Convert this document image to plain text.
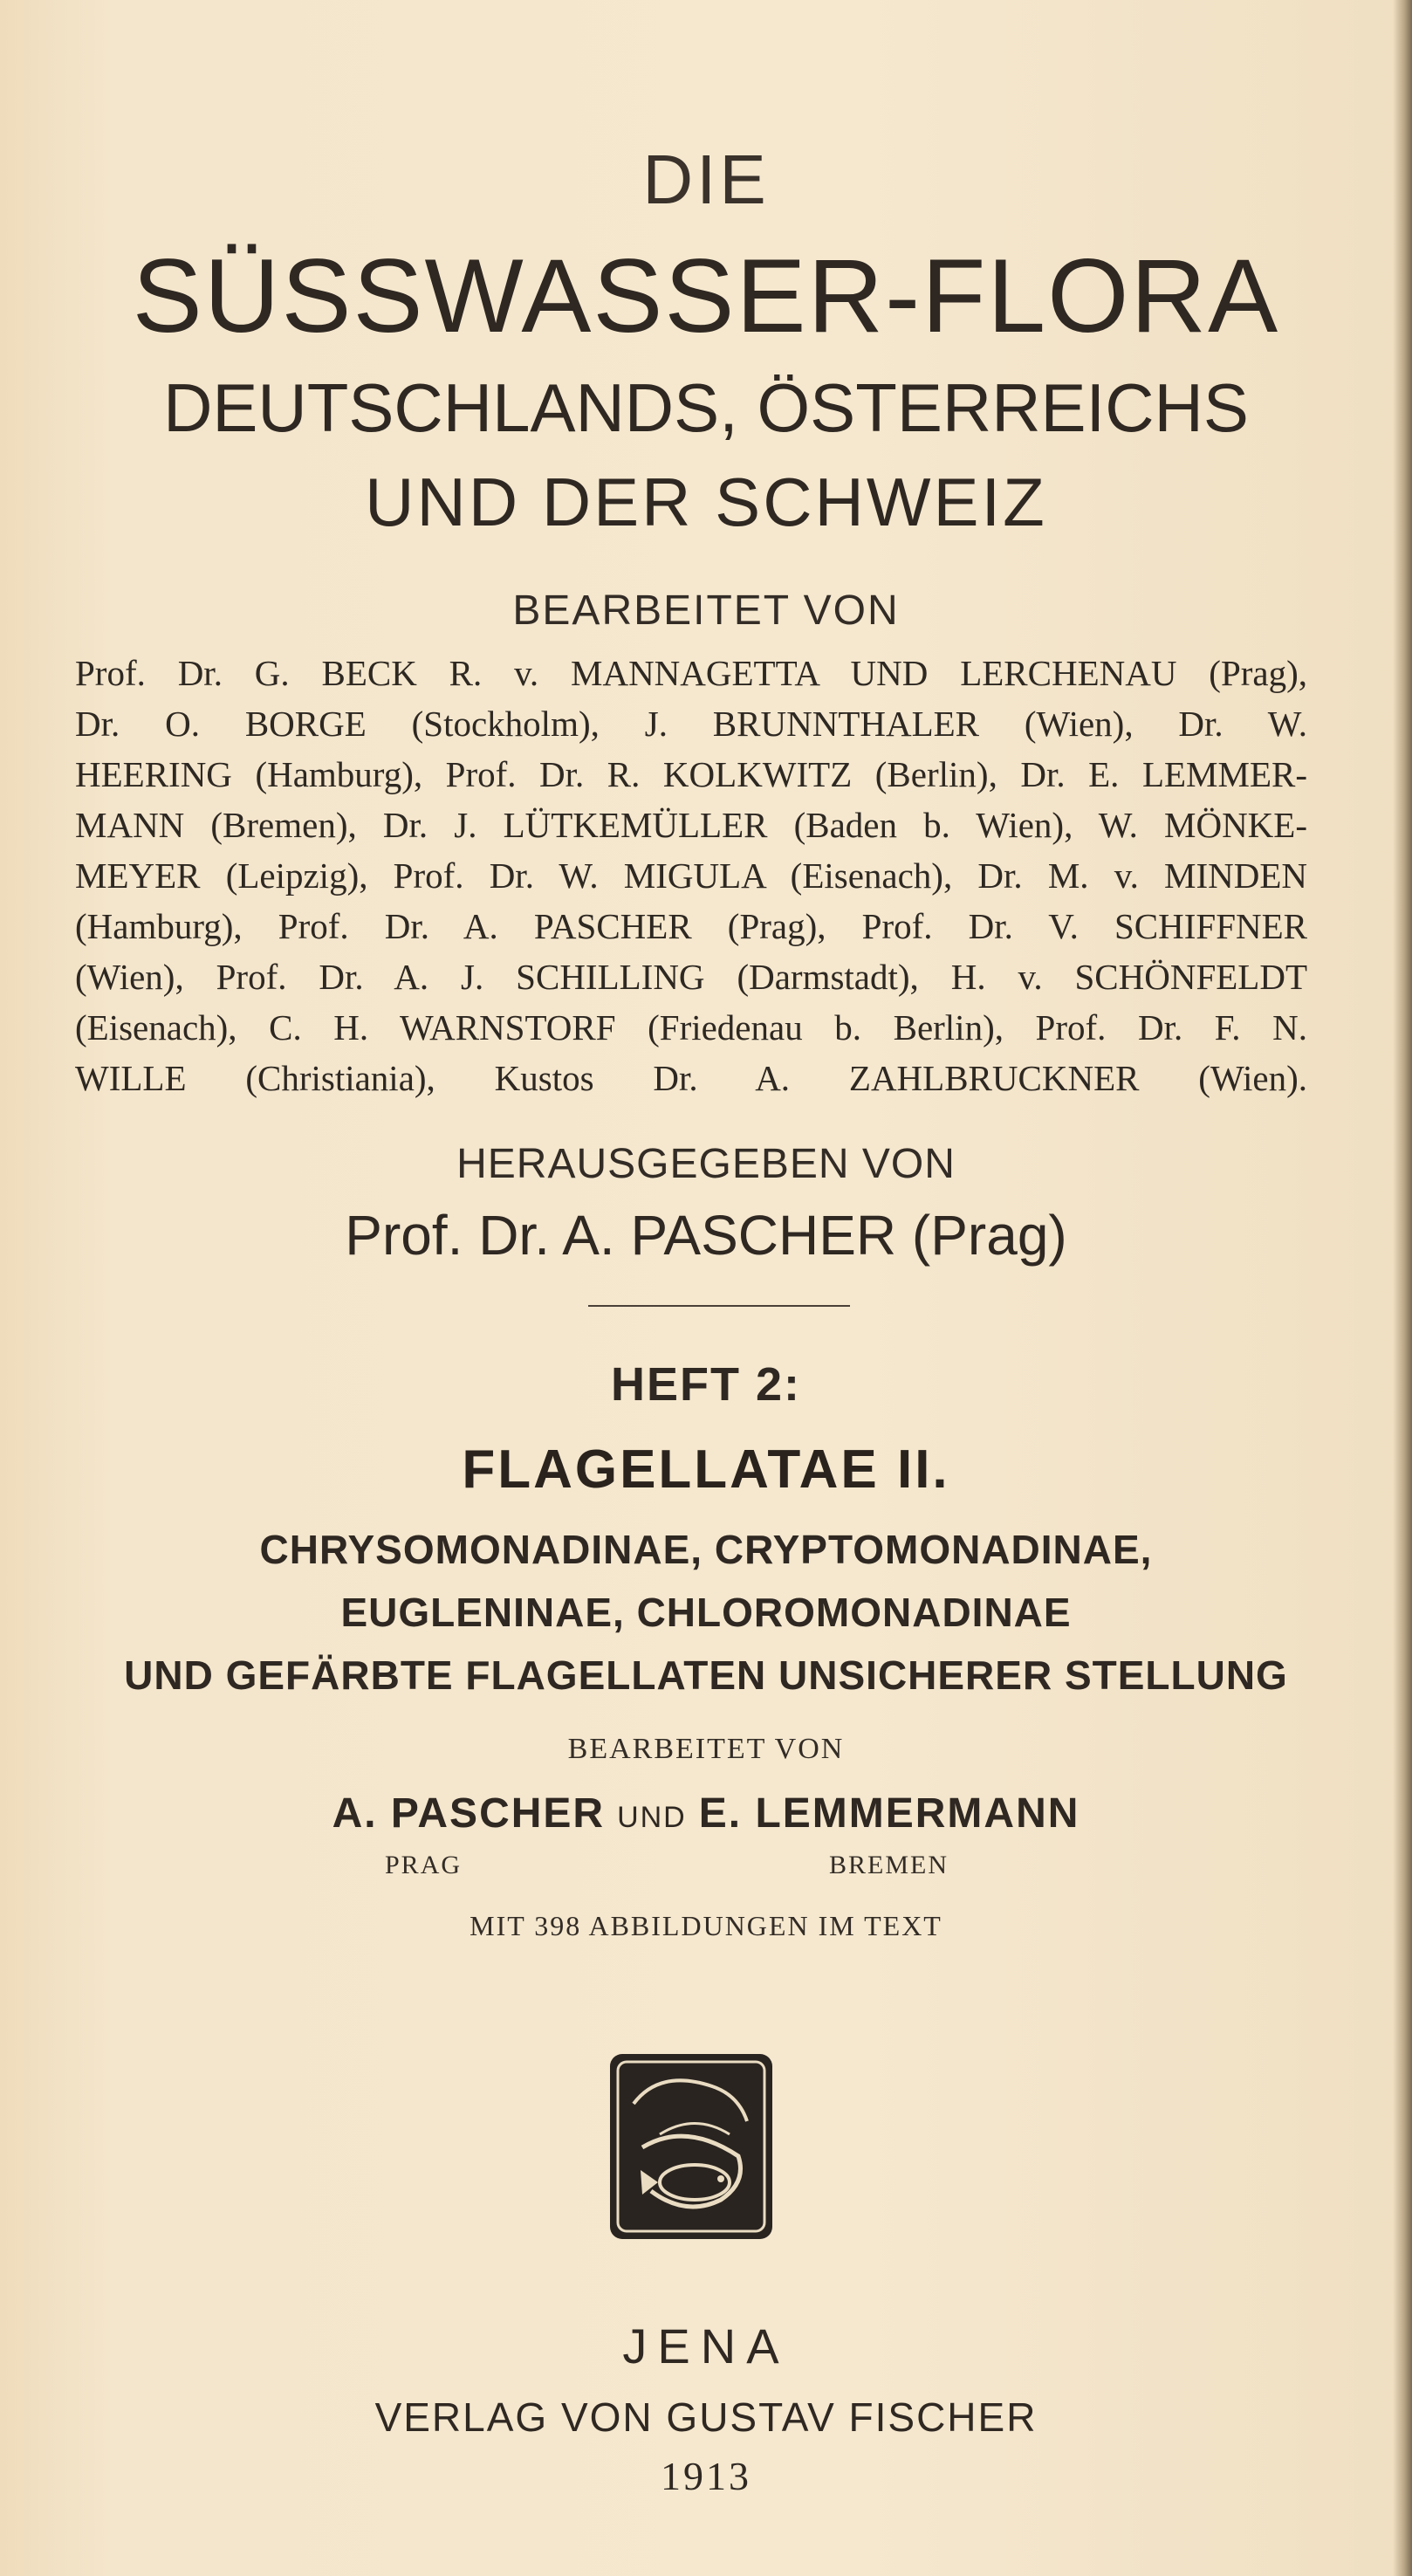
DIE
SÜSSWASSER-FLORA
DEUTSCHLANDS, ÖSTERREICHS
UND DER SCHWEIZ
BEARBEITET VON

Prof. Dr. G. BECK R. v. MANNAGETTA UND LERCHENAU (Prag),

Dr. O. BORGE (Stockholm), J. BRUNNTHALER (Wien), Dr. W.

HEERING (Hamburg), Prof. Dr. R. KOLKWITZ (Berlin), Dr. E. LEMMER-

MANN (Bremen), Dr. J. LÜTKEMÜLLER (Baden b. Wien), W. MÖNKE-

MEYER (Leipzig), Prof. Dr. W. MIGULA (Eisenach), Dr. M. v. MINDEN

(Hamburg), Prof. Dr. A. PASCHER (Prag), Prof. Dr. V. SCHIFFNER

(Wien), Prof. Dr. A. J. SCHILLING (Darmstadt), H. v. SCHÖNFELDT

(Eisenach), C. H. WARNSTORF (Friedenau b. Berlin), Prof. Dr. F. N.

WILLE (Christiania), Kustos Dr. A. ZAHLBRUCKNER (Wien).

HERAUSGEGEBEN VON
Prof. Dr. A. PASCHER (Prag)
HEFT 2:
FLAGELLATAE II.
CHRYSOMONADINAE, CRYPTOMONADINAE,
EUGLENINAE, CHLOROMONADINAE
UND GEFÄRBTE FLAGELLATEN UNSICHERER STELLUNG
BEARBEITET VON
A. PASCHER UND E. LEMMERMANN
PRAG	BREMEN
MIT 398 ABBILDUNGEN IM TEXT
JENA
VERLAG VON GUSTAV FISCHER
1913
